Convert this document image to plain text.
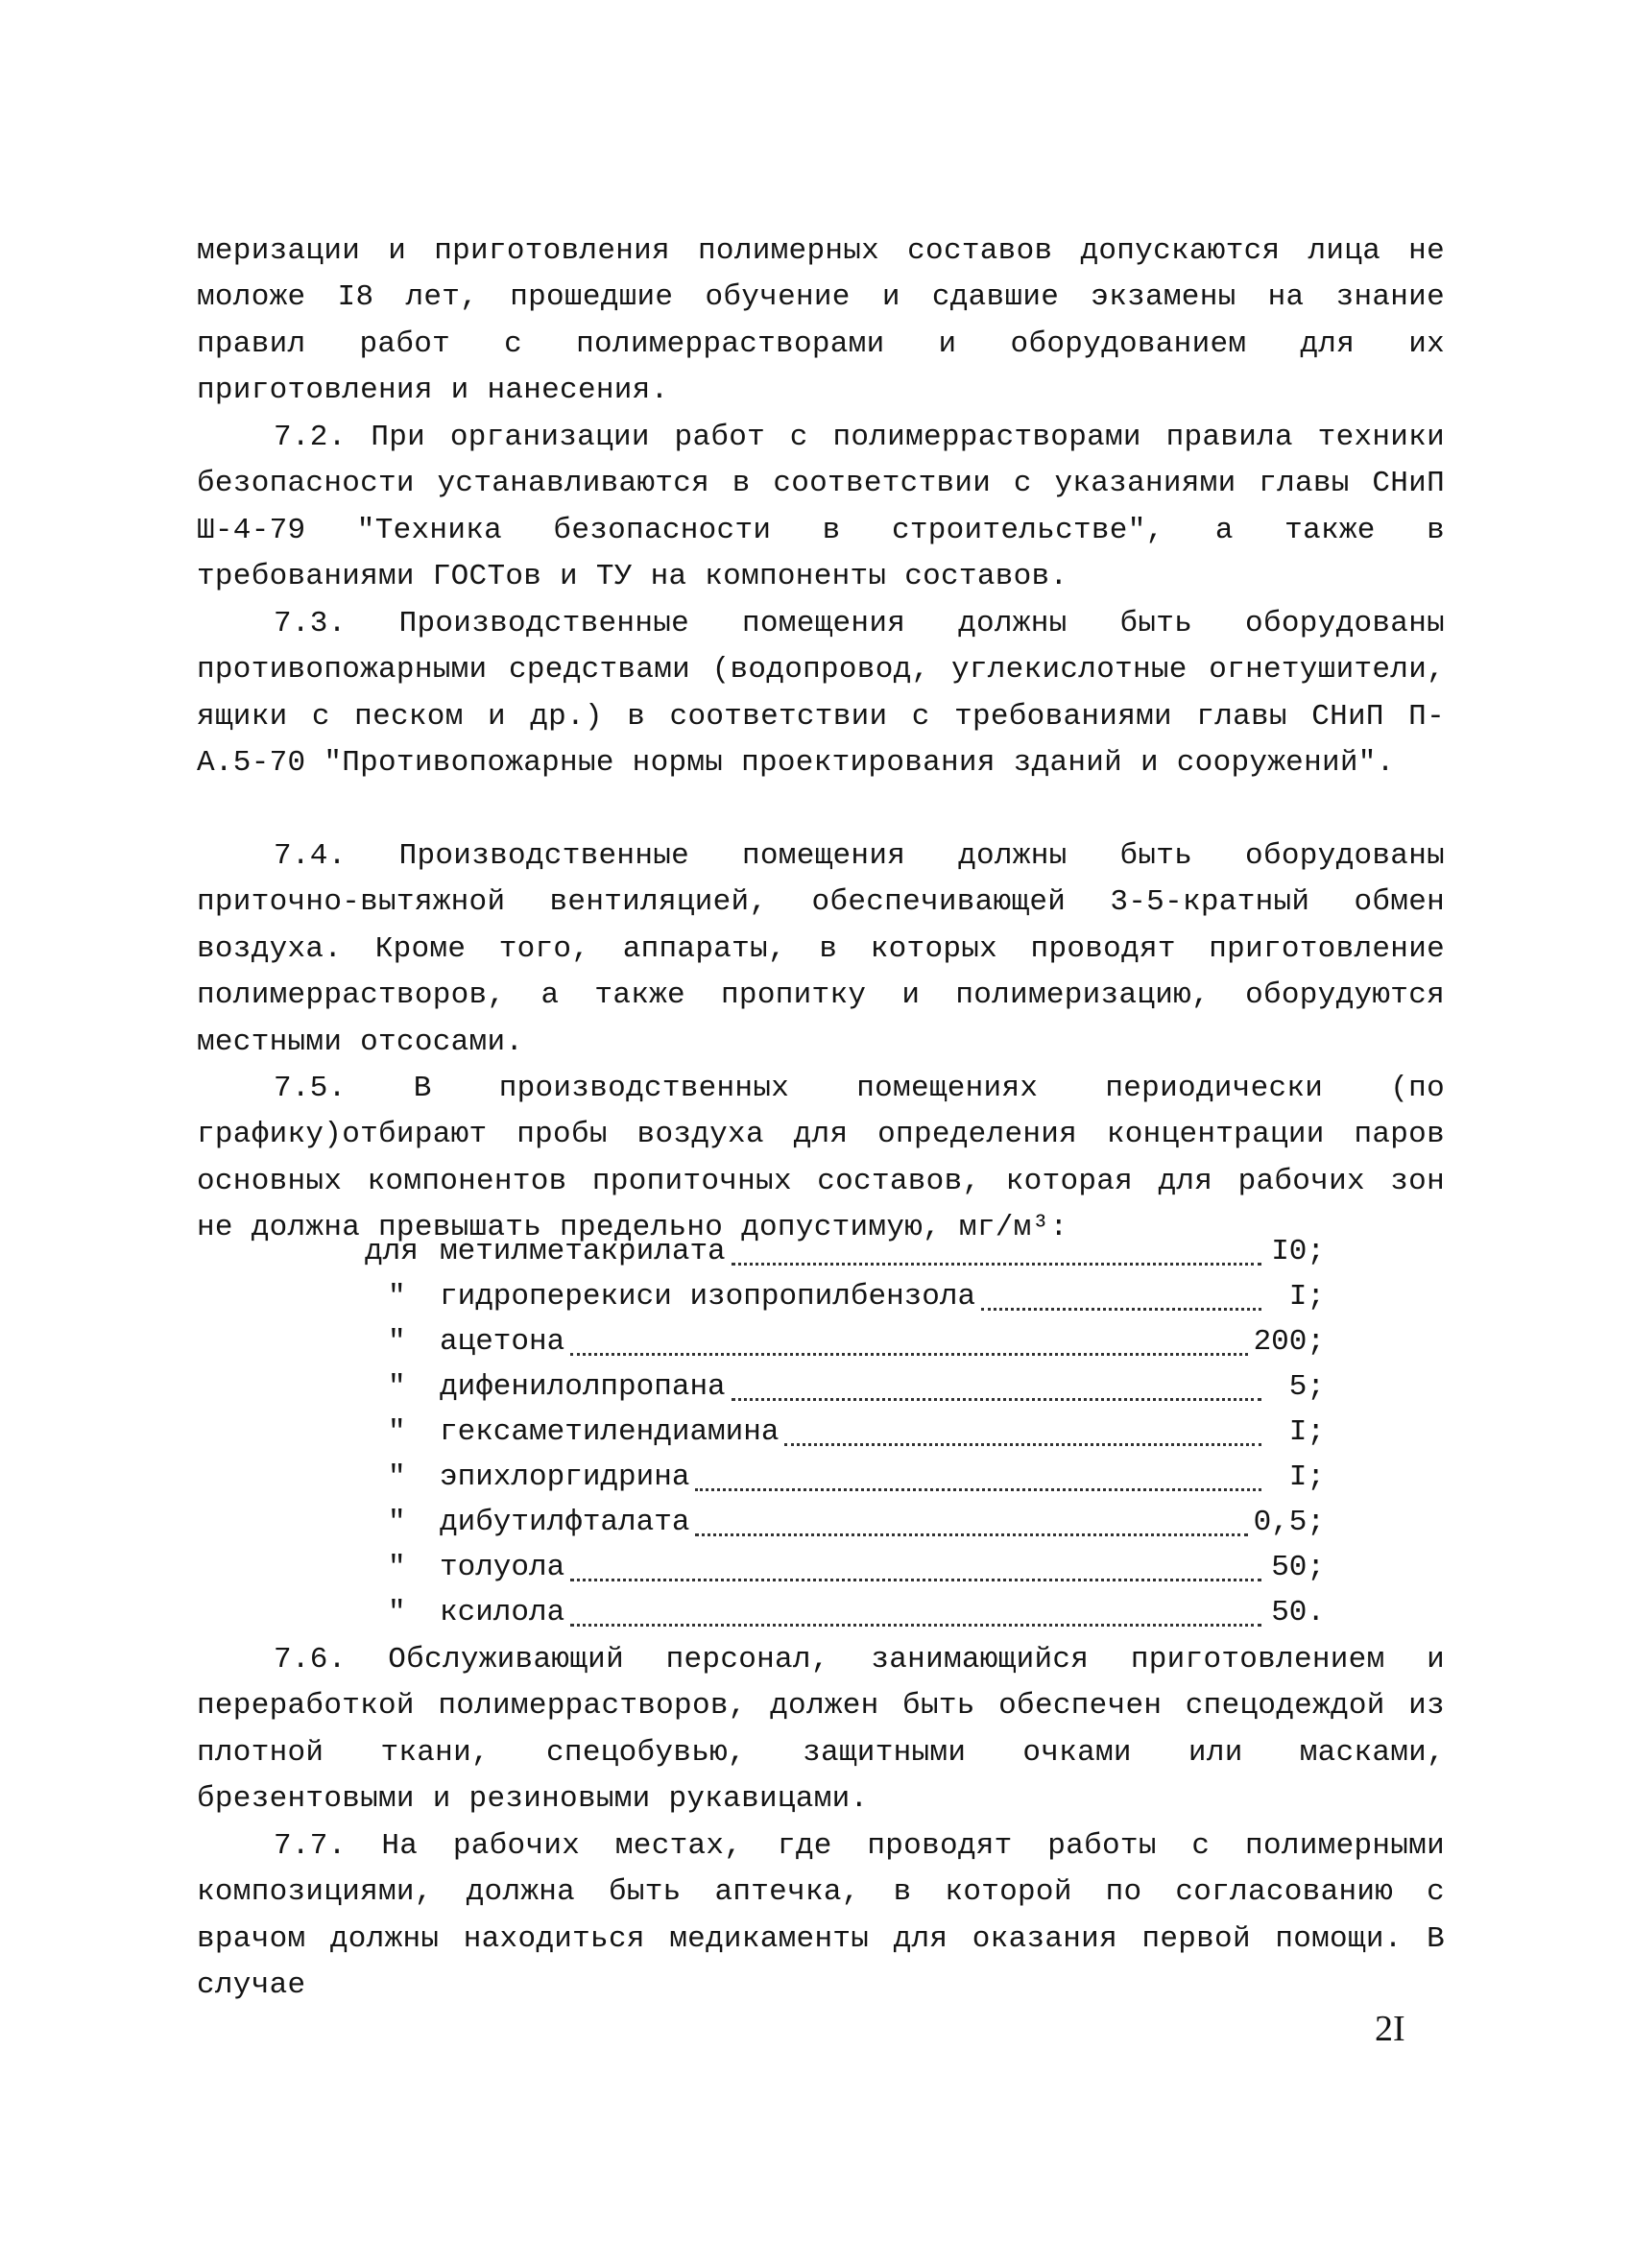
меризации и приготовления полимерных составов допускаются лица не моложе I8 лет, прошедшие обучение и сдавшие экзамены на знание правил работ с полимеррастворами и оборудованием для их приготовления и нанесения.

7.2. При организации работ с полимеррастворами правила техники безопасности устанавливаются в соответствии с указаниями главы СНиП Ш-4-79 "Техника безопасности в строительстве", а также в требованиями ГОСТов и ТУ на компоненты составов.

7.3. Производственные помещения должны быть оборудованы противопожарными средствами (водопровод, углекислотные огнетушители, ящики с песком и др.) в соответствии с требованиями главы СНиП П-А.5-70 "Противопожарные нормы проектирования зданий и сооружений".

7.4. Производственные помещения должны быть оборудованы приточно-вытяжной вентиляцией, обеспечивающей 3-5-кратный обмен воздуха. Кроме того, аппараты, в которых проводят приготовление полимеррастворов, а также пропитку и полимеризацию, оборудуются местными отсосами.

7.5. В производственных помещениях периодически (по графику)отбирают пробы воздуха для определения концентрации паров основных компонентов пропиточных составов, которая для рабочих зон не должна превышать предельно допустимую, мг/м³:

для метилметакрилата	I0;
"	гидроперекиси изопропилбензола	I;
"	ацетона	200;
"	дифенилолпропана	5;
"	гексаметилендиамина	I;
"	эпихлоргидрина	I;
"	дибутилфталата	0,5;
"	толуола	50;
"	ксилола	50.

7.6. Обслуживающий персонал, занимающийся приготовлением и переработкой полимеррастворов, должен быть обеспечен спецодеждой из плотной ткани, спецобувью, защитными очками или масками, брезентовыми и резиновыми рукавицами.

7.7. На рабочих местах, где проводят работы с полимерными композициями, должна быть аптечка, в которой по согласованию с врачом должны находиться медикаменты для оказания первой помощи. В случае

2I
